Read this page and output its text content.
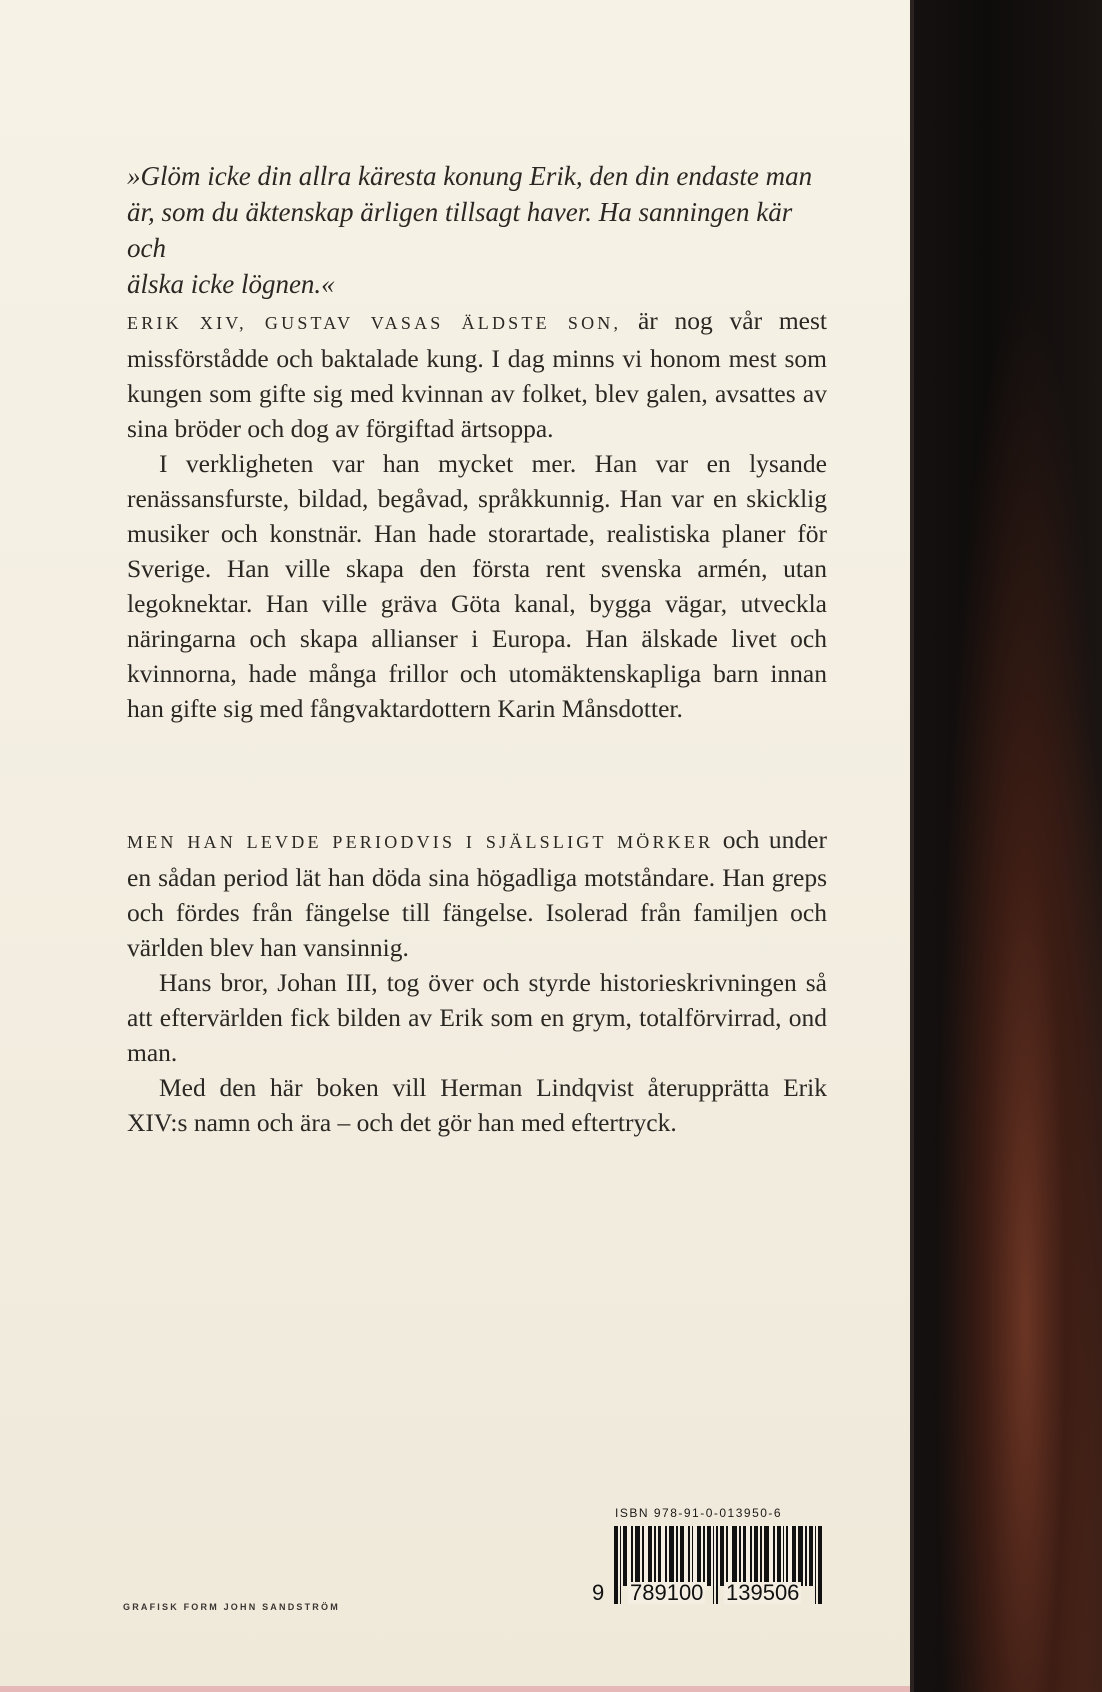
»Glöm icke din allra käresta konung Erik, den din endaste man
är, som du äktenskap ärligen tillsagt haver. Ha sanningen kär och
älska icke lögnen.«

ERIK XIV, GUSTAV VASAS ÄLDSTE SON, är nog vår mest missförstådde och baktalade kung. I dag minns vi honom mest som kungen som gifte sig med kvinnan av folket, blev galen, avsattes av sina bröder och dog av förgiftad ärtsoppa.

I verkligheten var han mycket mer. Han var en lysande renässansfurste, bildad, begåvad, språkkunnig. Han var en skicklig musiker och konstnär. Han hade storartade, realistiska planer för Sverige. Han ville skapa den första rent svenska armén, utan legoknektar. Han ville gräva Göta kanal, bygga vägar, utveckla näringarna och skapa allianser i Europa. Han älskade livet och kvinnorna, hade många frillor och utomäktenskapliga barn innan han gifte sig med fångvaktardottern Karin Månsdotter.

MEN HAN LEVDE PERIODVIS I SJÄLSLIGT MÖRKER och under en sådan period lät han döda sina högadliga motståndare. Han greps och fördes från fängelse till fängelse. Isolerad från familjen och världen blev han vansinnig.

Hans bror, Johan III, tog över och styrde historieskrivningen så att eftervärlden fick bilden av Erik som en grym, totalförvirrad, ond man.

Med den här boken vill Herman Lindqvist återupprätta Erik XIV:s namn och ära – och det gör han med eftertryck.

ISBN 978-91-0-013950-6
9	789100 139506
GRAFISK FORM JOHN SANDSTRÖM
